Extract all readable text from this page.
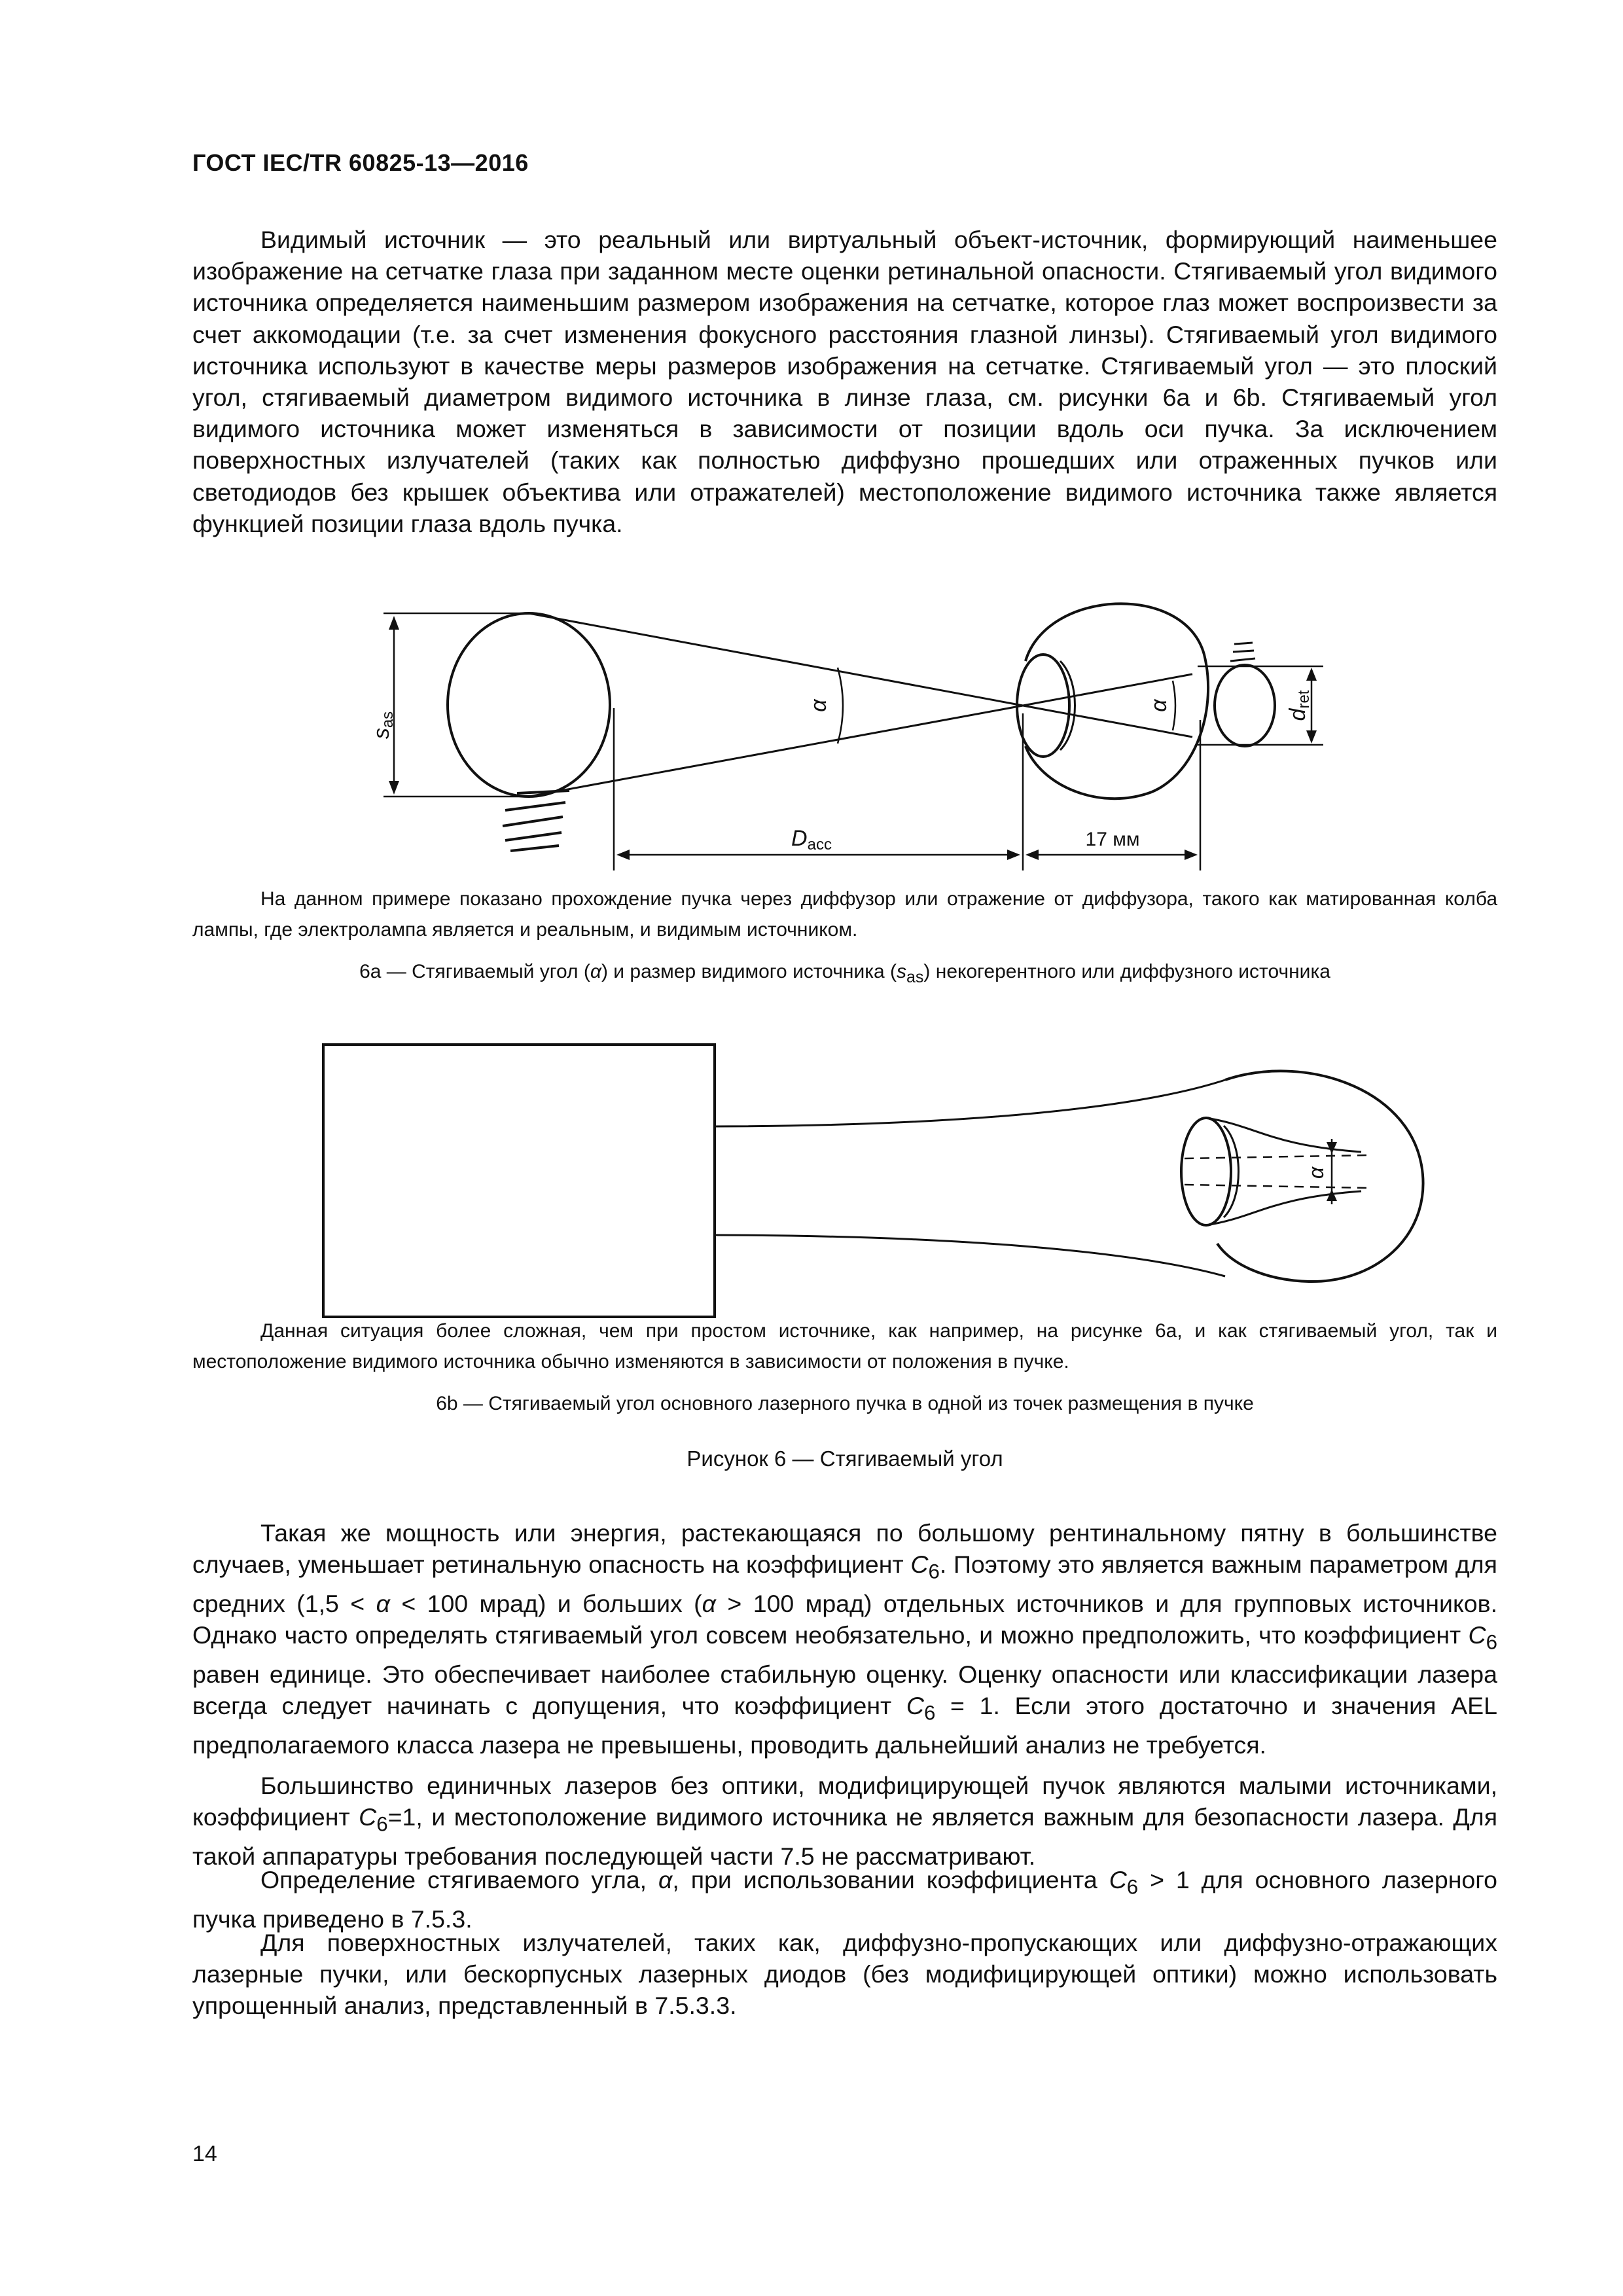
ГОСТ IEC/TR 60825-13—2016

Видимый источник — это реальный или виртуальный объект-источник, формирующий наименьшее изображение на сетчатке глаза при заданном месте оценки ретинальной опасности. Стягиваемый угол видимого источника определяется наименьшим размером изображения на сетчатке, которое глаз может воспроизвести за счет аккомодации (т.е. за счет изменения фокусного расстояния глазной линзы). Стягиваемый угол видимого источника используют в качестве меры размеров изображения на сетчатке. Стягиваемый угол — это плоский угол, стягиваемый диаметром видимого источника в линзе глаза, см. рисунки 6а и 6b. Стягиваемый угол видимого источника может изменяться в зависимости от позиции вдоль оси пучка. За исключением поверхностных излучателей (таких как полностью диффузно прошедших или отраженных пучков или светодиодов без крышек объектива или отражателей) местоположение видимого источника также является функцией позиции глаза вдоль пучка.

sas
α	α
dret
Dacc	17 мм

На данном примере показано прохождение пучка через диффузор или отражение от диффузора, такого как матированная колба лампы, где электролампа является и реальным, и видимым источником.

6а — Стягиваемый угол (α) и размер видимого источника $(s_{as})$ некогерентного или диффузного источника

α

Данная ситуация более сложная, чем при простом источнике, как например, на рисунке 6а, и как стягиваемый угол, так и местоположение видимого источника обычно изменяются в зависимости от положения в пучке.

6b — Стягиваемый угол основного лазерного пучка в одной из точек размещения в пучке

Рисунок 6 — Стягиваемый угол

Такая же мощность или энергия, растекающаяся по большому рентинальному пятну в большинстве случаев, уменьшает ретинальную опасность на коэффициент $C_6$. Поэтому это является важным параметром для средних (1,5 < α < 100 мрад) и больших (α > 100 мрад) отдельных источников и для групповых источников. Однако часто определять стягиваемый угол совсем необязательно, и можно предположить, что коэффициент $C_6$ равен единице. Это обеспечивает наиболее стабильную оценку. Оценку опасности или классификации лазера всегда следует начинать с допущения, что коэффициент $C_6 = 1$. Если этого достаточно и значения AEL предполагаемого класса лазера не превышены, проводить дальнейший анализ не требуется.

Большинство единичных лазеров без оптики, модифицирующей пучок являются малыми источниками, коэффициент $C_6=1$, и местоположение видимого источника не является важным для безопасности лазера. Для такой аппаратуры требования последующей части 7.5 не рассматривают.

Определение стягиваемого угла, α, при использовании коэффициента $C_6 > 1$ для основного лазерного пучка приведено в 7.5.3.

Для поверхностных излучателей, таких как, диффузно-пропускающих или диффузно-отражающих лазерные пучки, или бескорпусных лазерных диодов (без модифицирующей оптики) можно использовать упрощенный анализ, представленный в 7.5.3.3.

14
